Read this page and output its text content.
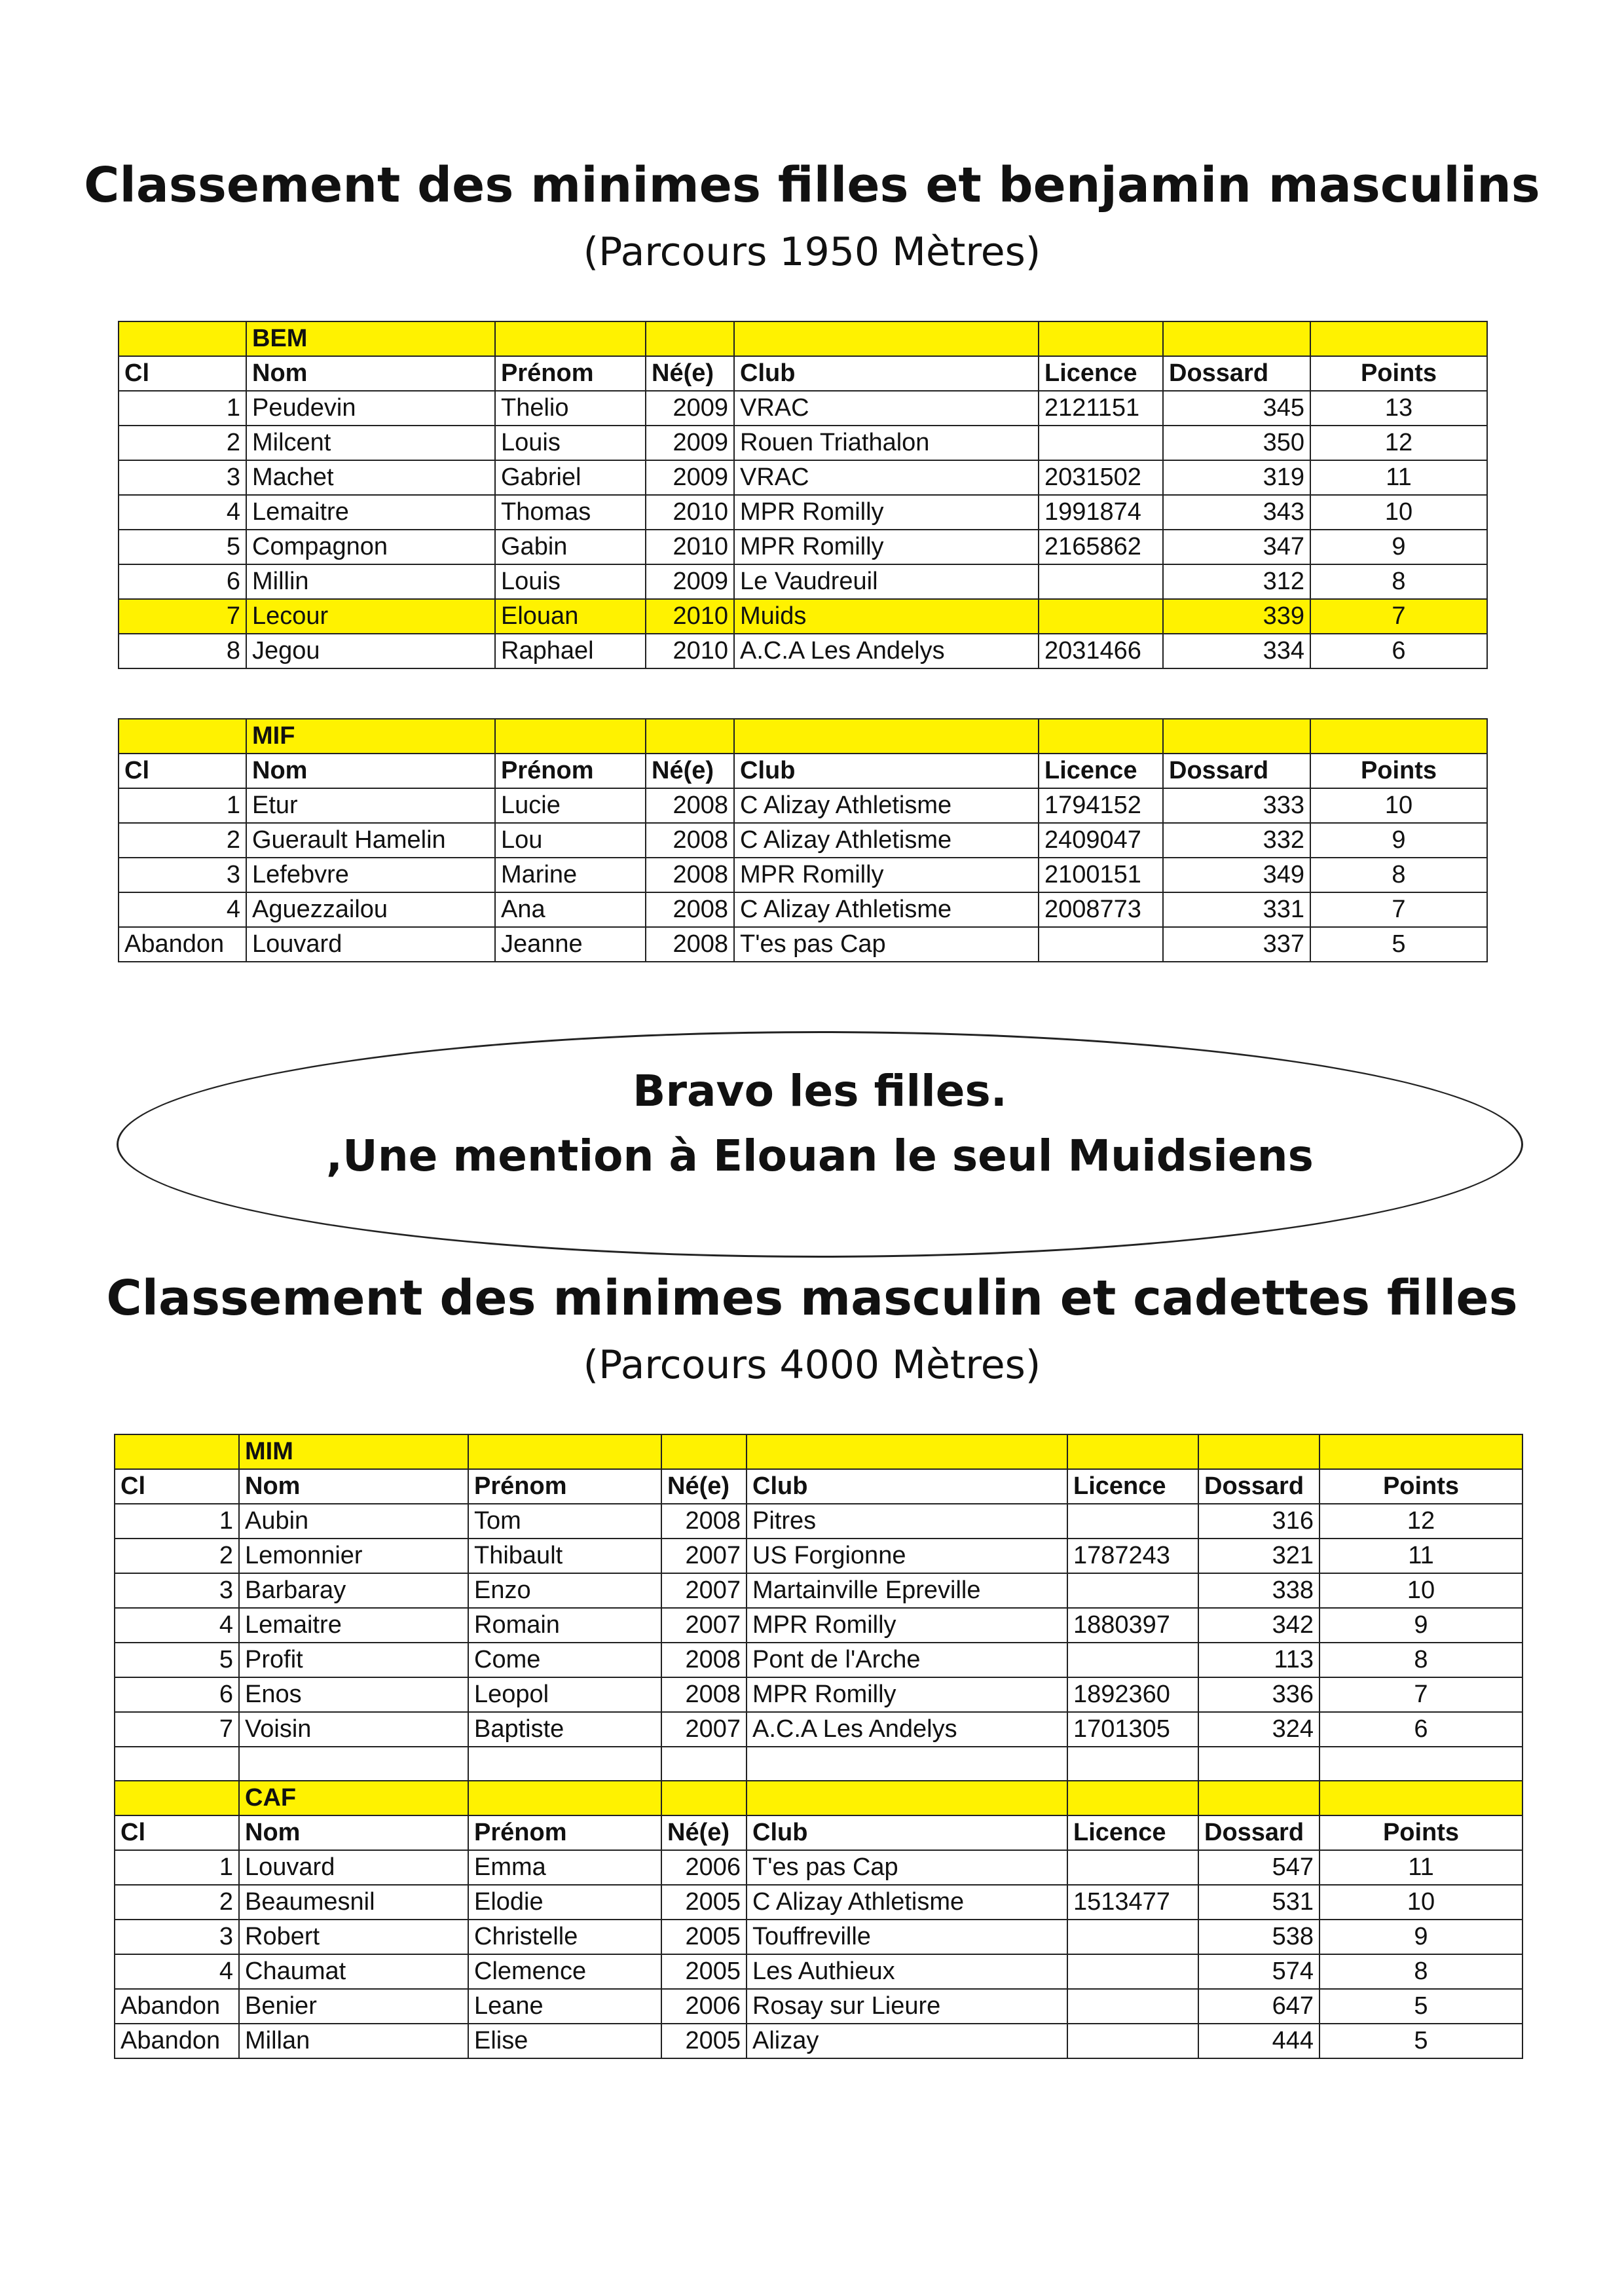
Classement des minimes filles et benjamin masculins
(Parcours 1950 Mètres)
	BEM						
Cl	Nom	Prénom	Né(e)	Club	Licence	Dossard	Points
1	Peudevin	Thelio	2009	VRAC	2121151	345	13
2	Milcent	Louis	2009	Rouen Triathalon		350	12
3	Machet	Gabriel	2009	VRAC	2031502	319	11
4	Lemaitre	Thomas	2010	MPR Romilly	1991874	343	10
5	Compagnon	Gabin	2010	MPR Romilly	2165862	347	9
6	Millin	Louis	2009	Le Vaudreuil		312	8
7	Lecour	Elouan	2010	Muids		339	7
8	Jegou	Raphael	2010	A.C.A Les Andelys	2031466	334	6
	MIF						
Cl	Nom	Prénom	Né(e)	Club	Licence	Dossard	Points
1	Etur	Lucie	2008	C Alizay Athletisme	1794152	333	10
2	Guerault Hamelin	Lou	2008	C Alizay Athletisme	2409047	332	9
3	Lefebvre	Marine	2008	MPR Romilly	2100151	349	8
4	Aguezzailou	Ana	2008	C Alizay Athletisme	2008773	331	7
Abandon	Louvard	Jeanne	2008	T'es pas Cap		337	5
Bravo les filles.
,Une mention à Elouan le seul Muidsiens
Classement des minimes masculin et cadettes filles
(Parcours 4000 Mètres)
	MIM						
Cl	Nom	Prénom	Né(e)	Club	Licence	Dossard	Points
1	Aubin	Tom	2008	Pitres		316	12
2	Lemonnier	Thibault	2007	US Forgionne	1787243	321	11
3	Barbaray	Enzo	2007	Martainville Epreville		338	10
4	Lemaitre	Romain	2007	MPR Romilly	1880397	342	9
5	Profit	Come	2008	Pont de l'Arche		113	8
6	Enos	Leopol	2008	MPR Romilly	1892360	336	7
7	Voisin	Baptiste	2007	A.C.A Les Andelys	1701305	324	6

	CAF						
Cl	Nom	Prénom	Né(e)	Club	Licence	Dossard	Points
1	Louvard	Emma	2006	T'es pas Cap		547	11
2	Beaumesnil	Elodie	2005	C Alizay Athletisme	1513477	531	10
3	Robert	Christelle	2005	Touffreville		538	9
4	Chaumat	Clemence	2005	Les Authieux		574	8
Abandon	Benier	Leane	2006	Rosay sur Lieure		647	5
Abandon	Millan	Elise	2005	Alizay		444	5
